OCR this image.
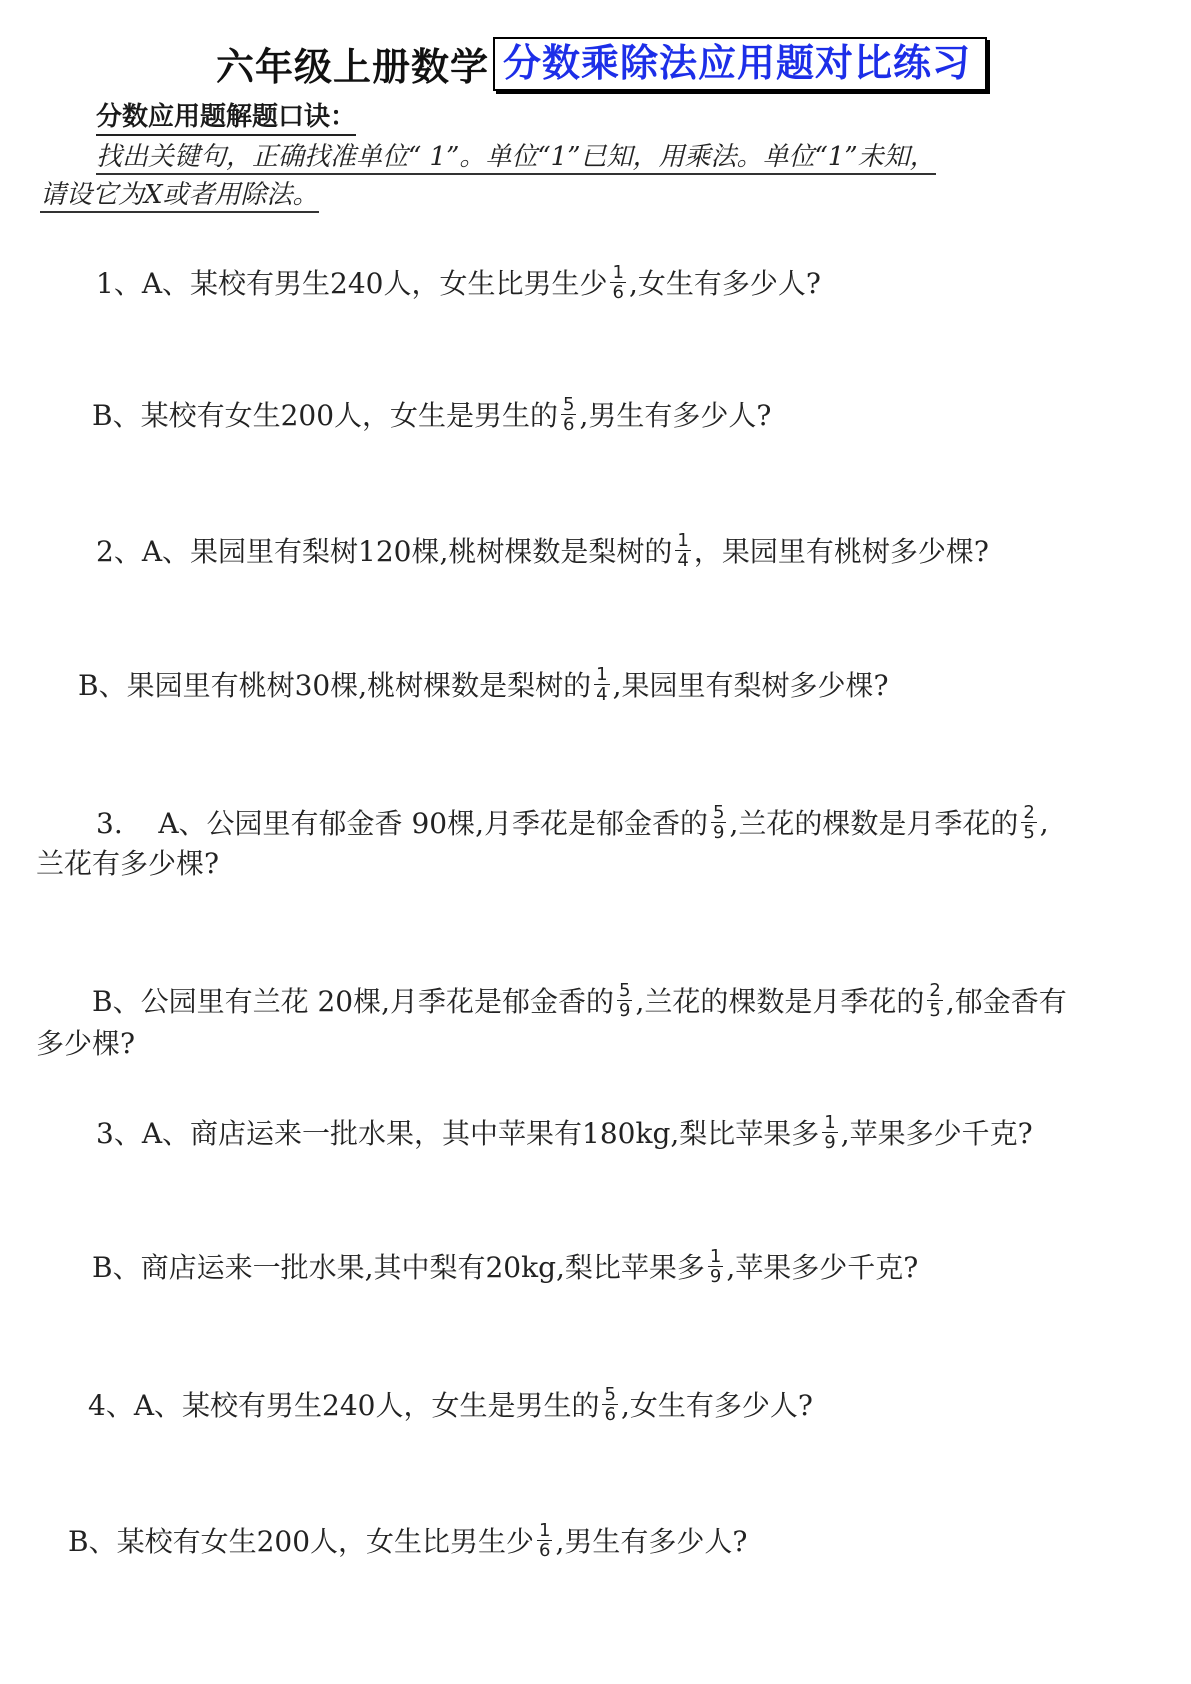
六年级上册数学 分数乘除法应用题对比练习
分数应用题解题口诀：
找出关键句，正确找准单位“ 1”。单位“1”已知，用乘法。单位“1”未知，
请设它为X或者用除法。
1、A、某校有男生240人，女生比男生少 $\frac{1}{6}$ ,女生有多少人?
B、某校有女生200人，女生是男生的 $\frac{5}{6}$ ,男生有多少人?
2、A、果园里有梨树120棵,桃树棵数是梨树的 $\frac{1}{4}$ ，果园里有桃树多少棵?
B、果园里有桃树30棵,桃树棵数是梨树的 $\frac{1}{4}$ ,果园里有梨树多少棵?
3.    A、公园里有郁金香 90棵,月季花是郁金香的 $\frac{5}{9}$ ,兰花的棵数是月季花的 $\frac{2}{5}$ ,
兰花有多少棵?
B、公园里有兰花 20棵,月季花是郁金香的 $\frac{5}{9}$ ,兰花的棵数是月季花的 $\frac{2}{5}$ ,郁金香有
多少棵?
3、A、商店运来一批水果，其中苹果有180kg,梨比苹果多 $\frac{1}{9}$ ,苹果多少千克?
B、商店运来一批水果,其中梨有20kg,梨比苹果多 $\frac{1}{9}$ ,苹果多少千克?
4、A、某校有男生240人，女生是男生的 $\frac{5}{6}$ ,女生有多少人?
B、某校有女生200人，女生比男生少 $\frac{1}{6}$ ,男生有多少人?
